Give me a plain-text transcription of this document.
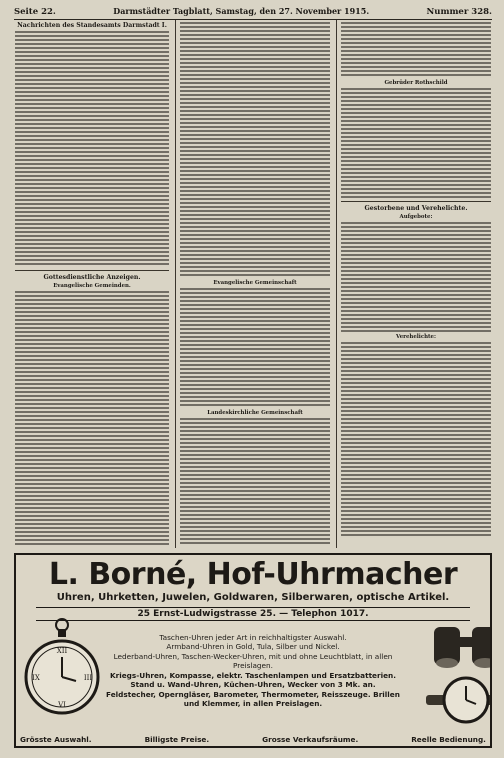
Seite 22.	Darmstädter Tagblatt, Samstag, den 27. November 1915.	Nummer 328.
Nachrichten des Standesamts Darmstadt I.
Gottesdienstliche Anzeigen.
Evangelische Gemeinden.
Evangelische Gemeinschaft
Landeskirchliche Gemeinschaft
Gebrüder Rothschild
Gestorbene und Verehelichte.
Aufgebote:
Verehelichte:
L. Borné, Hof-Uhrmacher
Uhren, Uhrketten, Juwelen, Goldwaren, Silberwaren, optische Artikel.
25 Ernst-Ludwigstrasse 25. — Telephon 1017.
XII
III
VI
IX
Taschen-Uhren jeder Art in reichhaltigster Auswahl.
Armband-Uhren in Gold, Tula, Silber und Nickel.
Lederband-Uhren, Taschen-Wecker-Uhren, mit und ohne Leuchtblatt, in allen Preislagen.
Kriegs-Uhren, Kompasse, elektr. Taschenlampen und Ersatzbatterien.
Stand u. Wand-Uhren, Küchen-Uhren, Wecker von 3 Mk. an.
Feldstecher, Operngläser, Barometer, Thermometer, Reisszeuge. Brillen und Klemmer, in allen Preislagen.
Grösste Auswahl.	Billigste Preise.	Grosse Verkaufsräume.	Reelle Bedienung.
